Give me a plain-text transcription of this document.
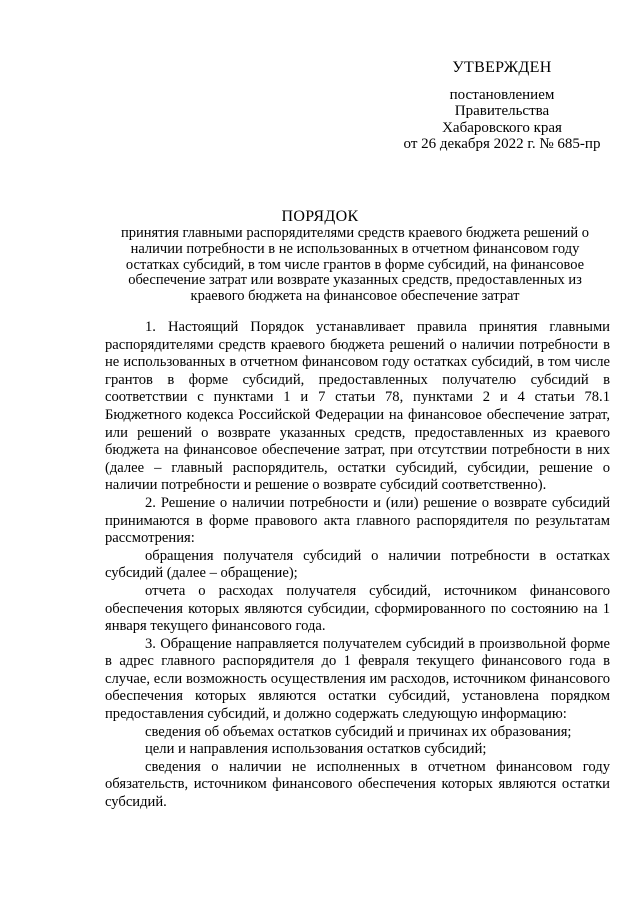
УТВЕРЖДЕН
постановлением
Правительства
Хабаровского края
от 26 декабря 2022 г. № 685-пр
ПОРЯДОК
принятия главными распорядителями средств краевого бюджета решений о наличии потребности в не использованных в отчетном финансовом году остатках субсидий, в том числе грантов в форме субсидий, на финансовое обеспечение затрат или возврате указанных средств, предоставленных из краевого бюджета на финансовое обеспечение затрат

1. Настоящий Порядок устанавливает правила принятия главными распорядителями средств краевого бюджета решений о наличии потребности в не использованных в отчетном финансовом году остатках субсидий, в том числе грантов в форме субсидий, предоставленных получателю субсидий в соответствии с пунктами 1 и 7 статьи 78, пунктами 2 и 4 статьи 78.1 Бюджетного кодекса Российской Федерации на финансовое обеспечение затрат, или решений о возврате указанных средств, предоставленных из краевого бюджета на финансовое обеспечение затрат, при отсутствии потребности в них (далее – главный распорядитель, остатки субсидий, субсидии, решение о наличии потребности и решение о возврате субсидий соответственно).

2. Решение о наличии потребности и (или) решение о возврате субсидий принимаются в форме правового акта главного распорядителя по результатам рассмотрения:

обращения получателя субсидий о наличии потребности в остатках субсидий (далее – обращение);

отчета о расходах получателя субсидий, источником финансового обеспечения которых являются субсидии, сформированного по состоянию на 1 января текущего финансового года.

3. Обращение направляется получателем субсидий в произвольной форме в адрес главного распорядителя до 1 февраля текущего финансового года в случае, если возможность осуществления им расходов, источником финансового обеспечения которых являются остатки субсидий, установлена порядком предоставления субсидий, и должно содержать следующую информацию:

сведения об объемах остатков субсидий и причинах их образования;

цели и направления использования остатков субсидий;

сведения о наличии не исполненных в отчетном финансовом году обязательств, источником финансового обеспечения которых являются остатки субсидий.
